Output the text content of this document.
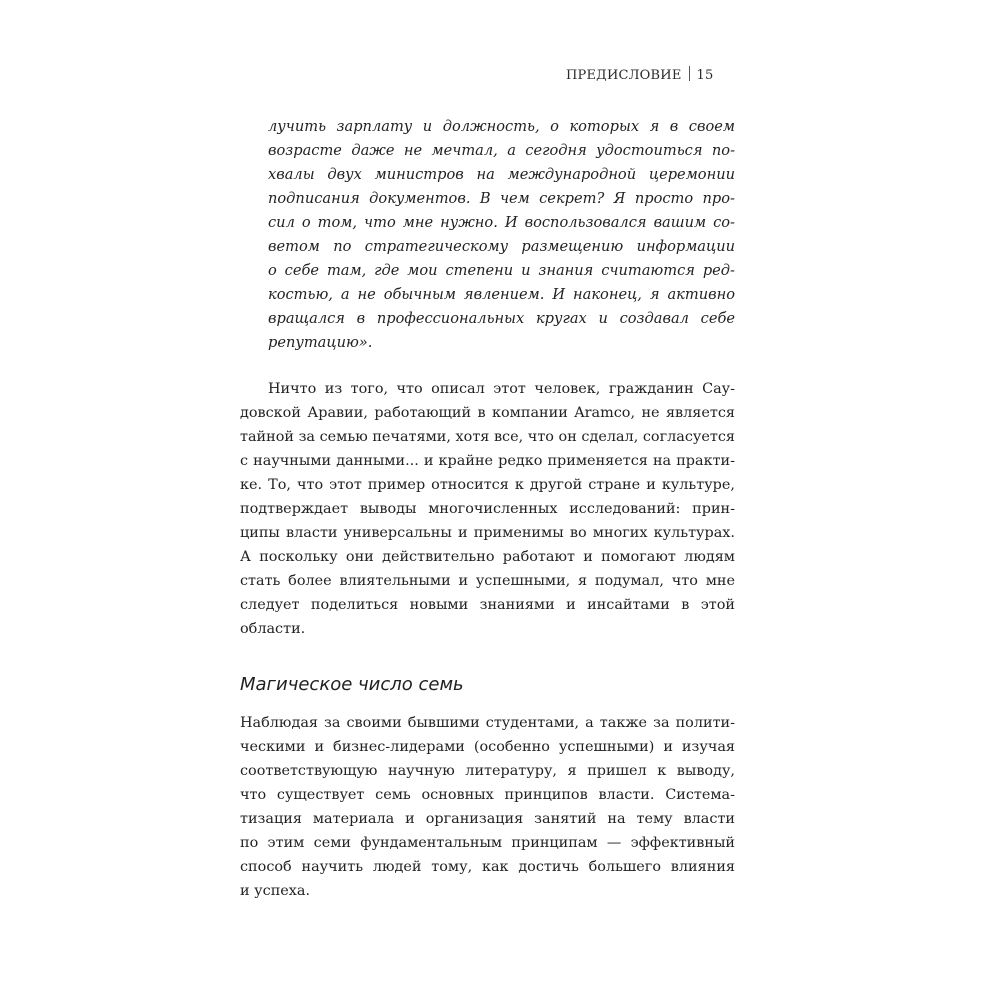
ПРЕДИСЛОВИЕ 15
лучить зарплату и должность, о которых я в своем
возрасте даже не мечтал, а сегодня удостоиться по-
хвалы двух министров на международной церемонии
подписания документов. В чем секрет? Я просто про-
сил о том, что мне нужно. И воспользовался вашим со-
ветом по стратегическому размещению информации
о себе там, где мои степени и знания считаются ред-
костью, а не обычным явлением. И наконец, я активно
вращался в профессиональных кругах и создавал себе
репутацию».
Ничто из того, что описал этот человек, гражданин Сау-
довской Аравии, работающий в компании Aramco, не является
тайной за семью печатями, хотя все, что он сделал, согласуется
с научными данными... и крайне редко применяется на практи-
ке. То, что этот пример относится к другой стране и культуре,
подтверждает выводы многочисленных исследований: прин-
ципы власти универсальны и применимы во многих культурах.
А поскольку они действительно работают и помогают людям
стать более влиятельными и успешными, я подумал, что мне
следует поделиться новыми знаниями и инсайтами в этой
области.
Магическое число семь
Наблюдая за своими бывшими студентами, а также за полити-
ческими и бизнес-лидерами (особенно успешными) и изучая
соответствующую научную литературу, я пришел к выводу,
что существует семь основных принципов власти. Система-
тизация материала и организация занятий на тему власти
по этим семи фундаментальным принципам — эффективный
способ научить людей тому, как достичь большего влияния
и успеха.
